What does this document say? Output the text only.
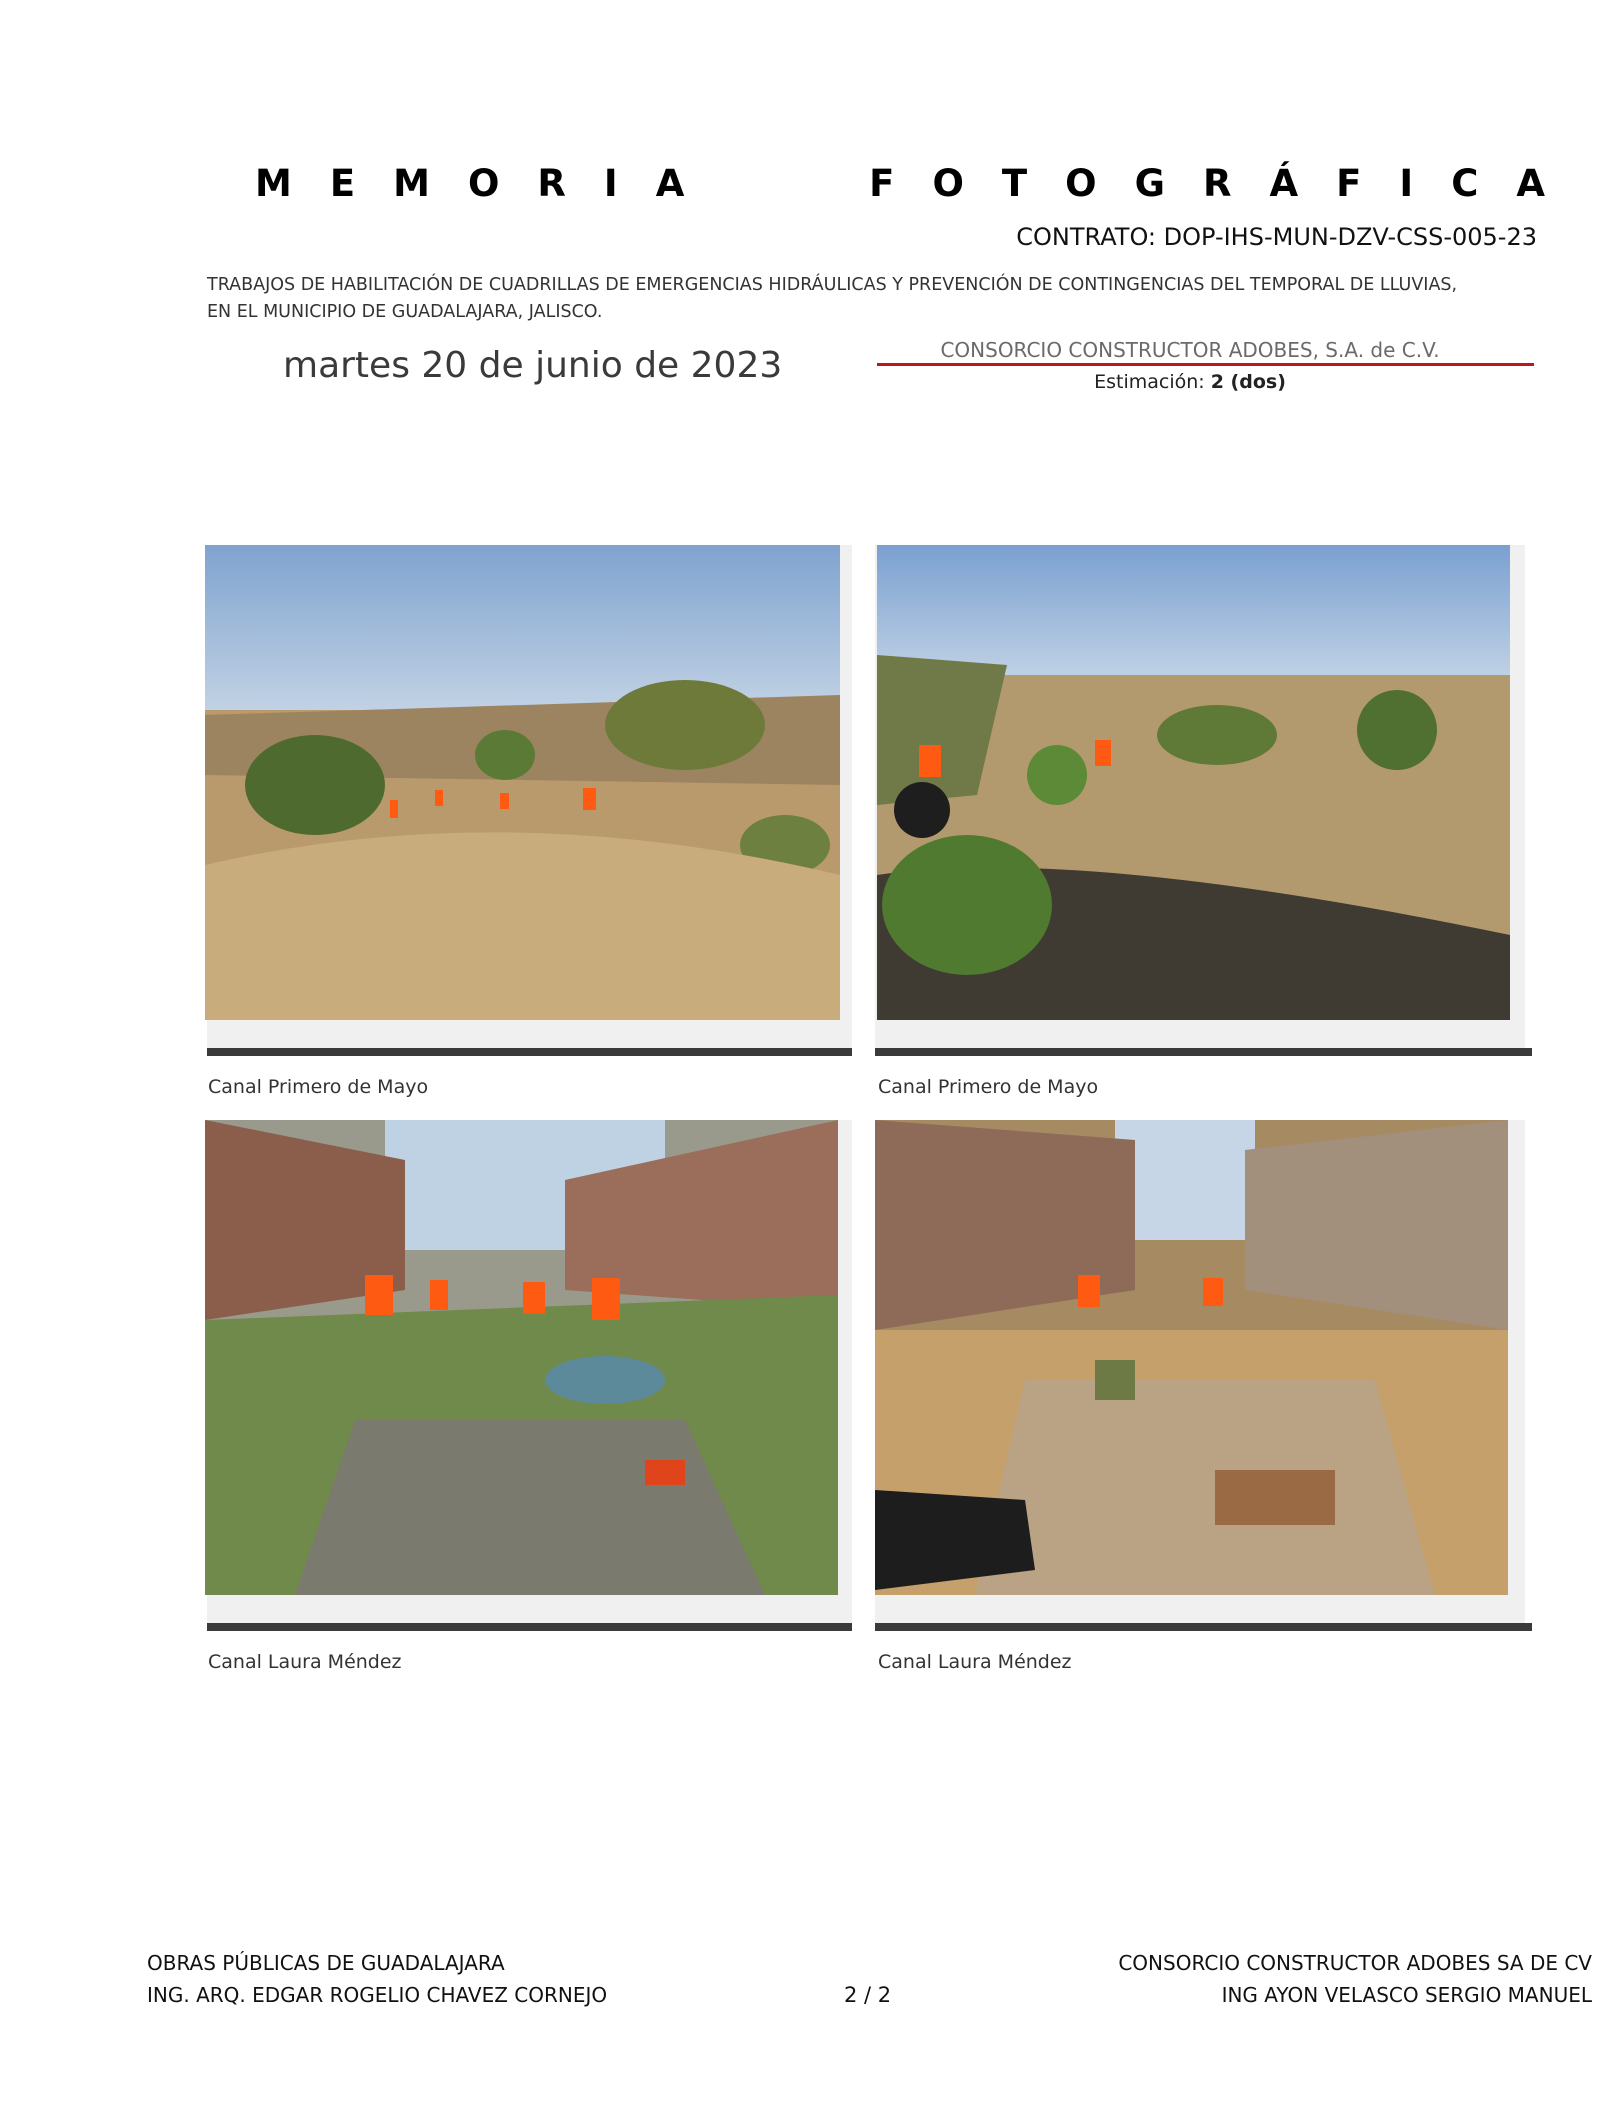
M E M O R I A	F O T O G R Á F I C A
CONTRATO: DOP-IHS-MUN-DZV-CSS-005-23
TRABAJOS DE HABILITACIÓN DE CUADRILLAS DE EMERGENCIAS HIDRÁULICAS Y PREVENCIÓN DE CONTINGENCIAS DEL TEMPORAL DE LLUVIAS,
EN EL MUNICIPIO DE GUADALAJARA, JALISCO.
martes 20 de junio de 2023	CONSORCIO CONSTRUCTOR ADOBES, S.A. de C.V.
Estimación: 2 (dos)
Canal Primero de Mayo	Canal Primero de Mayo
Canal Laura Méndez	Canal Laura Méndez
OBRAS PÚBLICAS DE GUADALAJARA
ING. ARQ. EDGAR ROGELIO CHAVEZ CORNEJO	2 / 2
CONSORCIO CONSTRUCTOR ADOBES SA DE CV
ING AYON VELASCO SERGIO MANUEL
